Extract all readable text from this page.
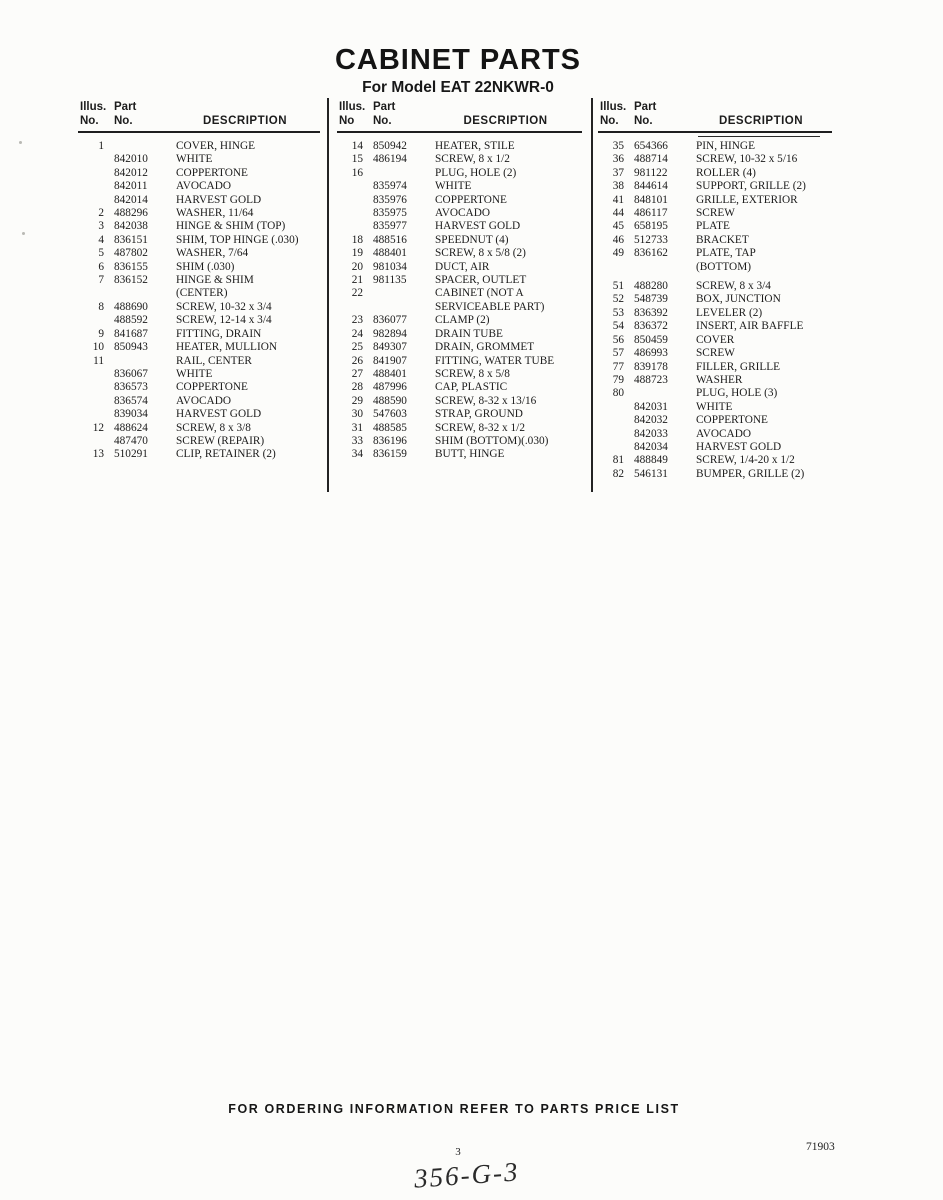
CABINET PARTS
For Model EAT 22NKWR-0
Illus. Part
No.	No.	DESCRIPTION
1	COVER, HINGE
842010	WHITE
842012	COPPERTONE
842011	AVOCADO
842014	HARVEST GOLD
2 488296	WASHER, 11/64
3 842038	HINGE & SHIM (TOP)
4 836151	SHIM, TOP HINGE (.030)
5 487802	WASHER, 7/64
6 836155	SHIM (.030)
7 836152	HINGE & SHIM
(CENTER)
8 488690	SCREW, 10-32 x 3/4
488592	SCREW, 12-14 x 3/4
9 841687	FITTING, DRAIN
10 850943	HEATER, MULLION
11	RAIL, CENTER
836067	WHITE
836573	COPPERTONE
836574	AVOCADO
839034	HARVEST GOLD
12 488624	SCREW, 8 x 3/8
487470	SCREW (REPAIR)
13 510291	CLIP, RETAINER (2)
Illus. Part
No	No.	DESCRIPTION
14 850942	HEATER, STILE
15 486194	SCREW, 8 x 1/2
16	PLUG, HOLE (2)
835974	WHITE
835976	COPPERTONE
835975	AVOCADO
835977	HARVEST GOLD
18 488516	SPEEDNUT (4)
19 488401	SCREW, 8 x 5/8 (2)
20 981034	DUCT, AIR
21 981135	SPACER, OUTLET
22	CABINET (NOT A
SERVICEABLE PART)
23 836077	CLAMP (2)
24 982894	DRAIN TUBE
25 849307	DRAIN, GROMMET
26 841907	FITTING, WATER TUBE
27 488401	SCREW, 8 x 5/8
28 487996	CAP, PLASTIC
29 488590	SCREW, 8-32 x 13/16
30 547603	STRAP, GROUND
31 488585	SCREW, 8-32 x 1/2
33 836196	SHIM (BOTTOM)(.030)
34 836159	BUTT, HINGE
Illus. Part
No.	No.	DESCRIPTION
35 654366	PIN, HINGE
36 488714	SCREW, 10-32 x 5/16
37 981122	ROLLER (4)
38 844614	SUPPORT, GRILLE (2)
41 848101	GRILLE, EXTERIOR
44 486117	SCREW
45 658195	PLATE
46 512733	BRACKET
49 836162	PLATE, TAP
(BOTTOM)
51 488280	SCREW, 8 x 3/4
52 548739	BOX, JUNCTION
53 836392	LEVELER (2)
54 836372	INSERT, AIR BAFFLE
56 850459	COVER
57 486993	SCREW
77 839178	FILLER, GRILLE
79 488723	WASHER
80	PLUG, HOLE (3)
842031	WHITE
842032	COPPERTONE
842033	AVOCADO
842034	HARVEST GOLD
81 488849	SCREW, 1/4-20 x 1/2
82 546131	BUMPER, GRILLE (2)
FOR ORDERING INFORMATION REFER TO PARTS PRICE LIST
3	71903
356-G-3
